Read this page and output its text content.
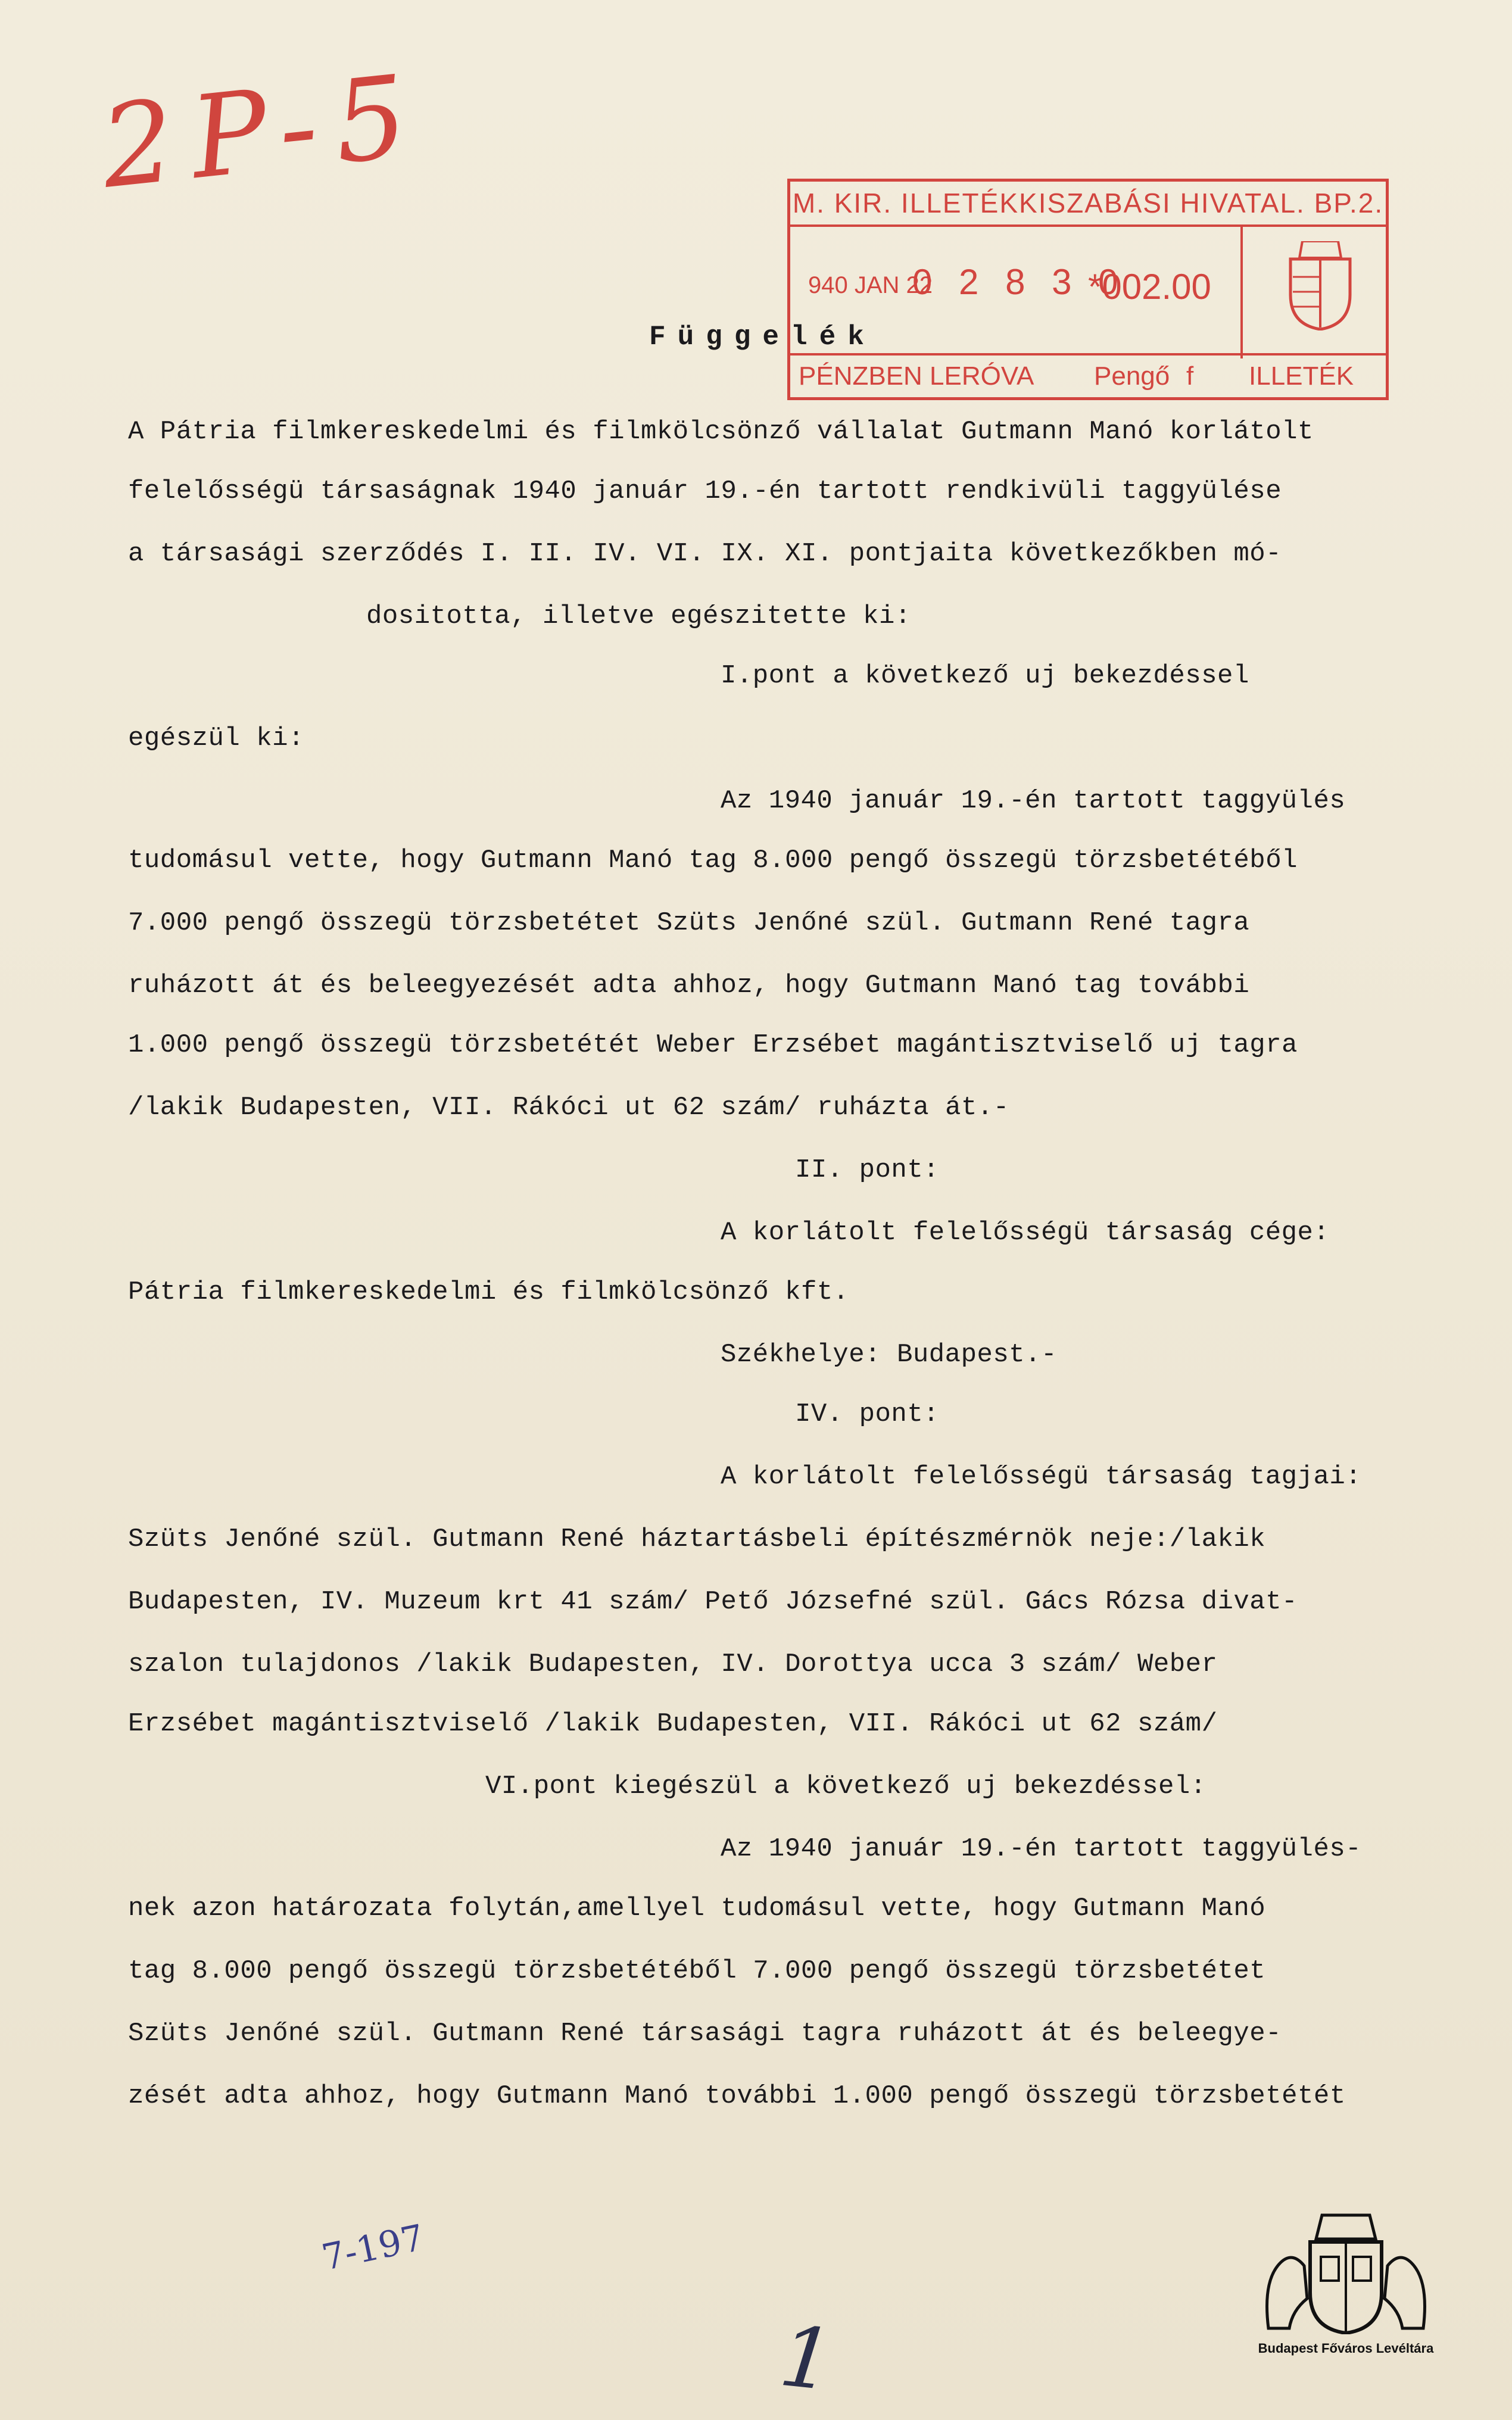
2P-5	M. KIR. ILLETÉKKISZABÁSI HIVATAL. BP.2.
940 JAN 22
0 2 8 3 0
*002.00
PÉNZBEN LERÓVA Pengő f ILLETÉK
Függelék
A Pátria filmkereskedelmi és filmkölcsönző vállalat Gutmann Manó korlátolt
felelősségü társaságnak 1940 január 19.-én tartott rendkivüli taggyülése
a társasági szerződés I. II. IV. VI. IX. XI. pontjaita következőkben mó-
dositotta, illetve egészitette ki:
I.pont a következő uj bekezdéssel
egészül ki:
Az 1940 január 19.-én tartott taggyülés
tudomásul vette, hogy Gutmann Manó tag 8.000 pengő összegü törzsbetétéből
7.000 pengő összegü törzsbetétet Szüts Jenőné szül. Gutmann René tagra
ruházott át és beleegyezését adta ahhoz, hogy Gutmann Manó tag további
1.000 pengő összegü törzsbetétét Weber Erzsébet magántisztviselő uj tagra
/lakik Budapesten, VII. Rákóci ut 62 szám/ ruházta át.-
II. pont:
A korlátolt felelősségü társaság cége:
Pátria filmkereskedelmi és filmkölcsönző kft.
Székhelye: Budapest.-
IV. pont:
A korlátolt felelősségü társaság tagjai:
Szüts Jenőné szül. Gutmann René háztartásbeli építészmérnök neje:/lakik
Budapesten, IV. Muzeum krt 41 szám/ Pető Józsefné szül. Gács Rózsa divat-
szalon tulajdonos /lakik Budapesten, IV. Dorottya ucca 3 szám/ Weber
Erzsébet magántisztviselő /lakik Budapesten, VII. Rákóci ut 62 szám/
VI.pont kiegészül a következő uj bekezdéssel:
Az 1940 január 19.-én tartott taggyülés-
nek azon határozata folytán,amellyel tudomásul vette, hogy Gutmann Manó
tag 8.000 pengő összegü törzsbetétéből 7.000 pengő összegü törzsbetétet
Szüts Jenőné szül. Gutmann René társasági tagra ruházott át és beleegye-
zését adta ahhoz, hogy Gutmann Manó további 1.000 pengő összegü törzsbetétét
7-197
1	Budapest Főváros Levéltára
